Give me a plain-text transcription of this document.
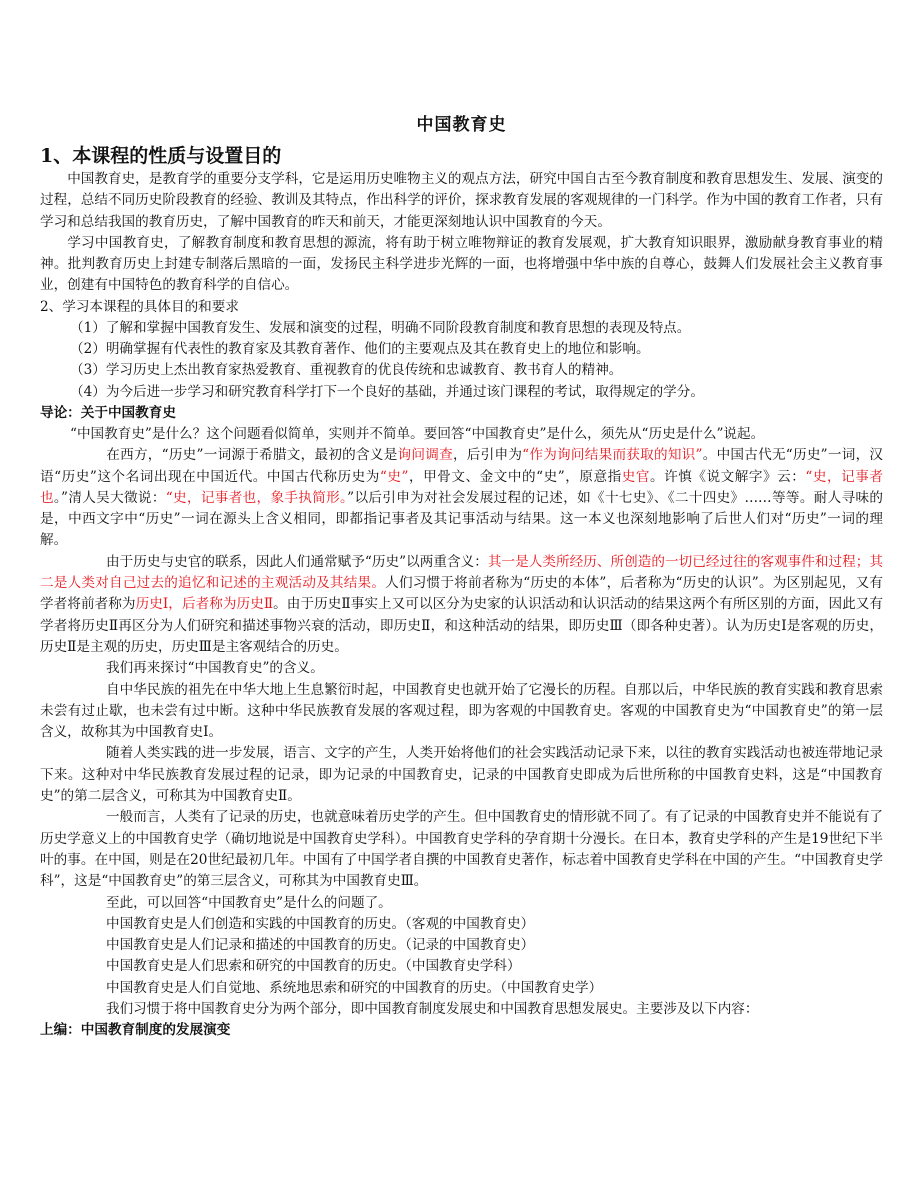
中国教育史
1、本课程的性质与设置目的

中国教育史，是教育学的重要分支学科，它是运用历史唯物主义的观点方法，研究中国自古至今教育制度和教育思想发生、发展、演变的过程，总结不同历史阶段教育的经验、教训及其特点，作出科学的评价，探求教育发展的客观规律的一门科学。作为中国的教育工作者，只有学习和总结我国的教育历史，了解中国教育的昨天和前天，才能更深刻地认识中国教育的今天。

学习中国教育史，了解教育制度和教育思想的源流，将有助于树立唯物辩证的教育发展观，扩大教育知识眼界，激励献身教育事业的精神。批判教育历史上封建专制落后黑暗的一面，发扬民主科学进步光辉的一面，也将增强中华中族的自尊心，鼓舞人们发展社会主义教育事业，创建有中国特色的教育科学的自信心。

2、学习本课程的具体目的和要求

（1）了解和掌握中国教育发生、发展和演变的过程，明确不同阶段教育制度和教育思想的表现及特点。

（2）明确掌握有代表性的教育家及其教育著作、他们的主要观点及其在教育史上的地位和影响。

（3）学习历史上杰出教育家热爱教育、重视教育的优良传统和忠诚教育、教书育人的精神。

（4）为今后进一步学习和研究教育科学打下一个良好的基础，并通过该门课程的考试，取得规定的学分。

导论：关于中国教育史

“中国教育史”是什么？这个问题看似简单，实则并不简单。要回答“中国教育史”是什么，须先从“历史是什么”说起。

在西方，“历史”一词源于希腊文，最初的含义是询问调查，后引申为“作为询问结果而获取的知识”。中国古代无“历史”一词，汉语“历史”这个名词出现在中国近代。中国古代称历史为“史”，甲骨文、金文中的“史”，原意指史官。许慎《说文解字》云：“史，记事者也。”清人吴大徵说：“史，记事者也，象手执简形。”以后引申为对社会发展过程的记述，如《十七史》、《二十四史》……等等。耐人寻味的是，中西文字中“历史”一词在源头上含义相同，即都指记事者及其记事活动与结果。这一本义也深刻地影响了后世人们对“历史”一词的理解。

由于历史与史官的联系，因此人们通常赋予“历史”以两重含义：其一是人类所经历、所创造的一切已经过往的客观事件和过程；其二是人类对自己过去的追忆和记述的主观活动及其结果。人们习惯于将前者称为“历史的本体”，后者称为“历史的认识”。为区别起见，又有学者将前者称为历史Ⅰ，后者称为历史Ⅱ。由于历史Ⅱ事实上又可以区分为史家的认识活动和认识活动的结果这两个有所区别的方面，因此又有学者将历史Ⅱ再区分为人们研究和描述事物兴衰的活动，即历史Ⅱ，和这种活动的结果，即历史Ⅲ（即各种史著）。认为历史Ⅰ是客观的历史，历史Ⅱ是主观的历史，历史Ⅲ是主客观结合的历史。

我们再来探讨“中国教育史”的含义。

自中华民族的祖先在中华大地上生息繁衍时起，中国教育史也就开始了它漫长的历程。自那以后，中华民族的教育实践和教育思索未尝有过止歇，也未尝有过中断。这种中华民族教育发展的客观过程，即为客观的中国教育史。客观的中国教育史为“中国教育史”的第一层含义，故称其为中国教育史Ⅰ。

随着人类实践的进一步发展，语言、文字的产生，人类开始将他们的社会实践活动记录下来，以往的教育实践活动也被连带地记录下来。这种对中华民族教育发展过程的记录，即为记录的中国教育史，记录的中国教育史即成为后世所称的中国教育史料，这是“中国教育史”的第二层含义，可称其为中国教育史Ⅱ。

一般而言，人类有了记录的历史，也就意味着历史学的产生。但中国教育史的情形就不同了。有了记录的中国教育史并不能说有了历史学意义上的中国教育史学（确切地说是中国教育史学科）。中国教育史学科的孕育期十分漫长。在日本，教育史学科的产生是19世纪下半叶的事。在中国，则是在20世纪最初几年。中国有了中国学者自撰的中国教育史著作，标志着中国教育史学科在中国的产生。“中国教育史学科”，这是“中国教育史”的第三层含义，可称其为中国教育史Ⅲ。

至此，可以回答“中国教育史”是什么的问题了。

中国教育史是人们创造和实践的中国教育的历史。（客观的中国教育史）

中国教育史是人们记录和描述的中国教育的历史。（记录的中国教育史）

中国教育史是人们思索和研究的中国教育的历史。（中国教育史学科）

中国教育史是人们自觉地、系统地思索和研究的中国教育的历史。（中国教育史学）

我们习惯于将中国教育史分为两个部分，即中国教育制度发展史和中国教育思想发展史。主要涉及以下内容：

上编：中国教育制度的发展演变
